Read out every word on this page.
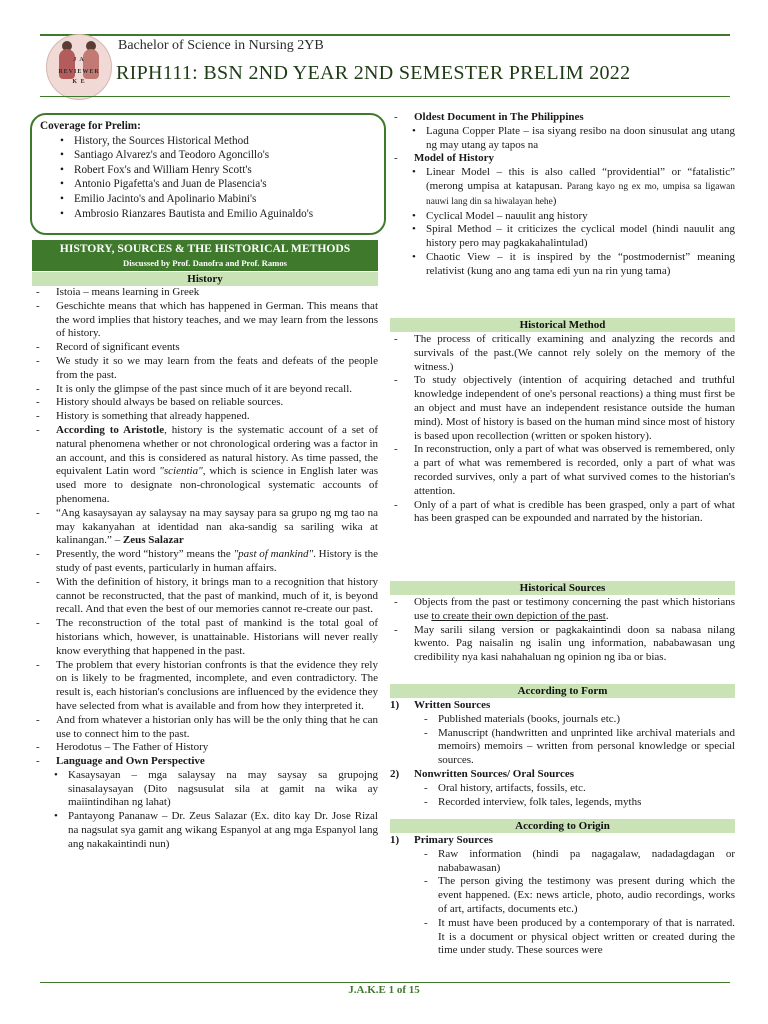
J A
REVIEWER
K E
Bachelor of Science in Nursing 2YB
RIPH111: BSN 2ND YEAR 2ND SEMESTER PRELIM 2022
Coverage for Prelim:
• History, the Sources Historical Method
• Santiago Alvarez's and Teodoro Agoncillo's
• Robert Fox's and William Henry Scott's
• Antonio Pigafetta's and Juan de Plasencia's
• Emilio Jacinto's and Apolinario Mabini's
• Ambrosio Rianzares Bautista and Emilio Aguinaldo's
HISTORY, SOURCES & THE HISTORICAL METHODS
Discussed by Prof. Danofra and Prof. Ramos
History

- Istoia – means learning in Greek

- Geschichte means that which has happened in German. This means that the word implies that history teaches, and we may learn from the lessons of history.

- Record of significant events

- We study it so we may learn from the feats and defeats of the people from the past.

- It is only the glimpse of the past since much of it are beyond recall.

- History should always be based on reliable sources.

- History is something that already happened.

- According to Aristotle, history is the systematic account of a set of natural phenomena whether or not chronological ordering was a factor in an account, and this is considered as natural history. As time passed, the equivalent Latin word "scientia", which is science in English later was used more to designate non-chronological systematic accounts of phenomena.

- “Ang kasaysayan ay salaysay na may saysay para sa grupo ng mg tao na may kakanyahan at identidad nan aka-sandig sa sariling wika at kalinangan.” – Zeus Salazar

- Presently, the word “history” means the "past of mankind". History is the study of past events, particularly in human affairs.

- With the definition of history, it brings man to a recognition that history cannot be reconstructed, that the past of mankind, much of it, is beyond recall. And that even the best of our memories cannot re-create our past.

- The reconstruction of the total past of mankind is the total goal of historians which, however, is unattainable. Historians will never really know everything that happened in the past.

- The problem that every historian confronts is that the evidence they rely on is likely to be fragmented, incomplete, and even contradictory. The result is, each historian's conclusions are influenced by the evidence they have selected from what is available and from how they interpreted it.

- And from whatever a historian only has will be the only thing that he can use to connect him to the past.

- Herodotus – The Father of History

- Language and Own Perspective

• Kasaysayan – mga salaysay na may saysay sa grupojng sinasalaysayan (Dito nagsusulat sila at gamit na wika ay maiintindihan ng lahat)

• Pantayong Pananaw – Dr. Zeus Salazar (Ex. dito kay Dr. Jose Rizal na nagsulat sya gamit ang wikang Espanyol at ang mga Espanyol lang ang nakakaintindi nun)

- Oldest Document in The Philippines

• Laguna Copper Plate – isa siyang resibo na doon sinusulat ang utang ng may utang ay tapos na

- Model of History

• Linear Model – this is also called “providential” or “fatalistic” (merong umpisa at katapusan. Parang kayo ng ex mo, umpisa sa ligawan nauwi lang din sa hiwalayan hehe)

• Cyclical Model – nauulit ang history

• Spiral Method – it criticizes the cyclical model (hindi nauulit ang history pero may pagkakahalintulad)

• Chaotic View – it is inspired by the “postmodernist” meaning relativist (kung ano ang tama edi yun na rin yung tama)

Historical Method

- The process of critically examining and analyzing the records and survivals of the past.(We cannot rely solely on the memory of the witness.)

- To study objectively (intention of acquiring detached and truthful knowledge independent of one's personal reactions) a thing must first be an object and must have an independent resistance outside the human mind). Most of history is based on the human mind since most of history is based upon recollection (written or spoken history).

- In reconstruction, only a part of what was observed is remembered, only a part of what was remembered is recorded, only a part of what was recorded survives, only a part of what survived comes to the historian's attention.

- Only of a part of what is credible has been grasped, only a part of what has been grasped can be expounded and narrated by the historian.

Historical Sources

- Objects from the past or testimony concerning the past which historians use to create their own depiction of the past.

- May sarili silang version or pagkakaintindi doon sa nabasa nilang kwento. Pag naisalin ng isalin ung information, nababawasan ung credibility nya kasi nahahaluan ng opinion ng iba or bias.

According to Form

1) Written Sources

- Published materials (books, journals etc.)

- Manuscript (handwritten and unprinted like archival materials and memoirs) memoirs – written from personal knowledge or special sources.

2) Nonwritten Sources/ Oral Sources

- Oral history, artifacts, fossils, etc.

- Recorded interview, folk tales, legends, myths

According to Origin

1) Primary Sources

- Raw information (hindi pa nagagalaw, nadadagdagan or nababawasan)

- The person giving the testimony was present during which the event happened. (Ex: news article, photo, audio recordings, works of art, artifacts, documents etc.)

- It must have been produced by a contemporary of that is narrated. It is a document or physical object written or created during the time under study. These sources were

J.A.K.E 1 of 15
